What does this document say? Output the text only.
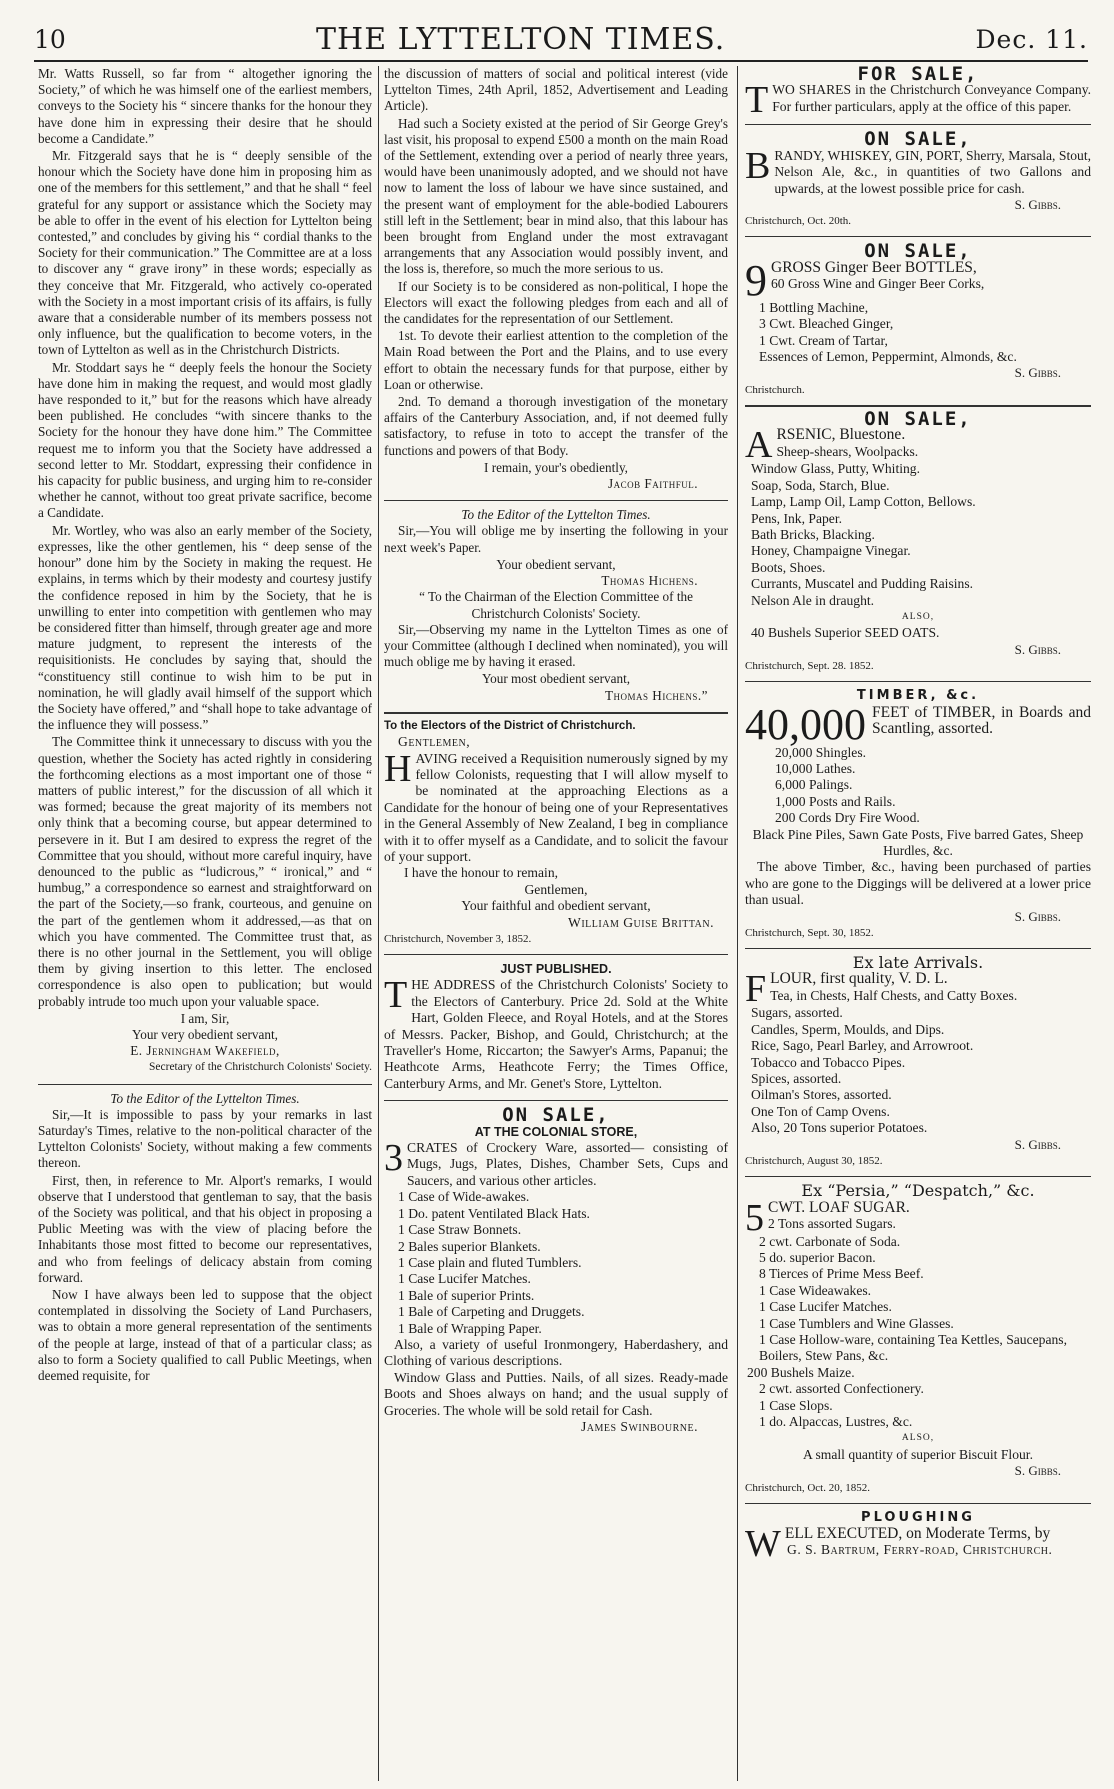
10	THE LYTTELTON TIMES.	Dec. 11.

Mr. Watts Russell, so far from “ altogether ignoring the Society,” of which he was himself one of the earliest members, conveys to the Society his “ sincere thanks for the honour they have done him in expressing their desire that he should become a Candidate.”

Mr. Fitzgerald says that he is “ deeply sensible of the honour which the Society have done him in proposing him as one of the members for this settlement,” and that he shall “ feel grateful for any support or assistance which the Society may be able to offer in the event of his election for Lyttelton being contested,” and concludes by giving his “ cordial thanks to the Society for their communication.” The Committee are at a loss to discover any “ grave irony” in these words; especially as they conceive that Mr. Fitzgerald, who actively co-operated with the Society in a most important crisis of its affairs, is fully aware that a considerable number of its members possess not only influence, but the qualification to become voters, in the town of Lyttelton as well as in the Christchurch Districts.

Mr. Stoddart says he “ deeply feels the honour the Society have done him in making the request, and would most gladly have responded to it,” but for the reasons which have already been published. He concludes “with sincere thanks to the Society for the honour they have done him.” The Committee request me to inform you that the Society have addressed a second letter to Mr. Stoddart, expressing their confidence in his capacity for public business, and urging him to re-consider whether he cannot, without too great private sacrifice, become a Candidate.

Mr. Wortley, who was also an early member of the Society, expresses, like the other gentlemen, his “ deep sense of the honour” done him by the Society in making the request. He explains, in terms which by their modesty and courtesy justify the confidence reposed in him by the Society, that he is unwilling to enter into competition with gentlemen who may be considered fitter than himself, through greater age and more mature judgment, to represent the interests of the requisitionists. He concludes by saying that, should the “constituency still continue to wish him to be put in nomination, he will gladly avail himself of the support which the Society have offered,” and “shall hope to take advantage of the influence they will possess.”

The Committee think it unnecessary to discuss with you the question, whether the Society has acted rightly in considering the forthcoming elections as a most important one of those “ matters of public interest,” for the discussion of all which it was formed; because the great majority of its members not only think that a becoming course, but appear determined to persevere in it. But I am desired to express the regret of the Committee that you should, without more careful inquiry, have denounced to the public as “ludicrous,” “ ironical,” and “ humbug,” a correspondence so earnest and straightforward on the part of the Society,—so frank, courteous, and genuine on the part of the gentlemen whom it addressed,—as that on which you have commented. The Committee trust that, as there is no other journal in the Settlement, you will oblige them by giving insertion to this letter. The enclosed correspondence is also open to publication; but would probably intrude too much upon your valuable space.

I am, Sir,
Your very obedient servant,
E. Jerningham Wakefield,
Secretary of the Christchurch Colonists' Society.
To the Editor of the Lyttelton Times.

Sir,—It is impossible to pass by your remarks in last Saturday's Times, relative to the non-political character of the Lyttelton Colonists' Society, without making a few comments thereon.

First, then, in reference to Mr. Alport's remarks, I would observe that I understood that gentleman to say, that the basis of the Society was political, and that his object in proposing a Public Meeting was with the view of placing before the Inhabitants those most fitted to become our representatives, and who from feelings of delicacy abstain from coming forward.

Now I have always been led to suppose that the object contemplated in dissolving the Society of Land Purchasers, was to obtain a more general representation of the sentiments of the people at large, instead of that of a particular class; as also to form a Society qualified to call Public Meetings, when deemed requisite, for

the discussion of matters of social and political interest (vide Lyttelton Times, 24th April, 1852, Advertisement and Leading Article).

Had such a Society existed at the period of Sir George Grey's last visit, his proposal to expend £500 a month on the main Road of the Settlement, extending over a period of nearly three years, would have been unanimously adopted, and we should not have now to lament the loss of labour we have since sustained, and the present want of employment for the able-bodied Labourers still left in the Settlement; bear in mind also, that this labour has been brought from England under the most extravagant arrangements that any Association would possibly invent, and the loss is, therefore, so much the more serious to us.

If our Society is to be considered as non-political, I hope the Electors will exact the following pledges from each and all of the candidates for the representation of our Settlement.

1st. To devote their earliest attention to the completion of the Main Road between the Port and the Plains, and to use every effort to obtain the necessary funds for that purpose, either by Loan or otherwise.

2nd. To demand a thorough investigation of the monetary affairs of the Canterbury Association, and, if not deemed fully satisfactory, to refuse in toto to accept the transfer of the functions and powers of that Body.

I remain, your's obediently,
Jacob Faithful.
To the Editor of the Lyttelton Times.

Sir,—You will oblige me by inserting the following in your next week's Paper.

Your obedient servant,
Thomas Hichens.
“ To the Chairman of the Election Committee of the Christchurch Colonists' Society.

Sir,—Observing my name in the Lyttelton Times as one of your Committee (although I declined when nominated), you will much oblige me by having it erased.

Your most obedient servant,
Thomas Hichens.”
To the Electors of the District of Christchurch.
Gentlemen,
H AVING received a Requisition numerously signed by my fellow Colonists, requesting that I will allow myself to be nominated at the approaching Elections as a Candidate for the honour of being one of your Representatives in the General Assembly of New Zealand, I beg in compliance with it to offer myself as a Candidate, and to solicit the favour of your support.
I have the honour to remain,
Gentlemen,
Your faithful and obedient servant,
William Guise Brittan.
Christchurch, November 3, 1852.
JUST PUBLISHED.
T HE ADDRESS of the Christchurch Colonists' Society to the Electors of Canterbury. Price 2d. Sold at the White Hart, Golden Fleece, and Royal Hotels, and at the Stores of Messrs. Packer, Bishop, and Gould, Christchurch; at the Traveller's Home, Riccarton; the Sawyer's Arms, Papanui; the Heathcote Arms, Heathcote Ferry; the Times Office, Canterbury Arms, and Mr. Genet's Store, Lyttelton.
ON SALE,
AT THE COLONIAL STORE,
3 CRATES of Crockery Ware, assorted— consisting of Mugs, Jugs, Plates, Dishes, Chamber Sets, Cups and Saucers, and various other articles.
1 Case of Wide-awakes.
1 Do. patent Ventilated Black Hats.
1 Case Straw Bonnets.
2 Bales superior Blankets.
1 Case plain and fluted Tumblers.
1 Case Lucifer Matches.
1 Bale of superior Prints.
1 Bale of Carpeting and Druggets.
1 Bale of Wrapping Paper.
Also, a variety of useful Ironmongery, Haberdashery, and Clothing of various descriptions.
Window Glass and Putties. Nails, of all sizes. Ready-made Boots and Shoes always on hand; and the usual supply of Groceries. The whole will be sold retail for Cash.
James Swinbourne.
FOR SALE,
T WO SHARES in the Christchurch Conveyance Company. For further particulars, apply at the office of this paper.
ON SALE,
B RANDY, WHISKEY, GIN, PORT, Sherry, Marsala, Stout, Nelson Ale, &c., in quantities of two Gallons and upwards, at the lowest possible price for cash.
S. Gibbs.
Christchurch, Oct. 20th.
ON SALE,
9 GROSS Ginger Beer BOTTLES,
60 Gross Wine and Ginger Beer Corks,
1 Bottling Machine,
3 Cwt. Bleached Ginger,
1 Cwt. Cream of Tartar,
Essences of Lemon, Peppermint, Almonds, &c.
S. Gibbs.
Christchurch.
ON SALE,
A RSENIC, Bluestone.
Sheep-shears, Woolpacks.
Window Glass, Putty, Whiting.
Soap, Soda, Starch, Blue.
Lamp, Lamp Oil, Lamp Cotton, Bellows.
Pens, Ink, Paper.
Bath Bricks, Blacking.
Honey, Champaigne Vinegar.
Boots, Shoes.
Currants, Muscatel and Pudding Raisins.
Nelson Ale in draught.
ALSO,
40 Bushels Superior SEED OATS.
S. Gibbs.
Christchurch, Sept. 28. 1852.
TIMBER, &c.
40,000 FEET of TIMBER, in Boards and Scantling, assorted.
20,000 Shingles.
10,000 Lathes.
6,000 Palings.
1,000 Posts and Rails.
200 Cords Dry Fire Wood.
Black Pine Piles, Sawn Gate Posts, Five barred Gates, Sheep Hurdles, &c.
The above Timber, &c., having been purchased of parties who are gone to the Diggings will be delivered at a lower price than usual.
S. Gibbs.
Christchurch, Sept. 30, 1852.
Ex late Arrivals.
F LOUR, first quality, V. D. L.
Tea, in Chests, Half Chests, and Catty Boxes.
Sugars, assorted.
Candles, Sperm, Moulds, and Dips.
Rice, Sago, Pearl Barley, and Arrowroot.
Tobacco and Tobacco Pipes.
Spices, assorted.
Oilman's Stores, assorted.
One Ton of Camp Ovens.
Also, 20 Tons superior Potatoes.
S. Gibbs.
Christchurch, August 30, 1852.
Ex “Persia,” “Despatch,” &c.
5 CWT. LOAF SUGAR.
2 Tons assorted Sugars.
2 cwt. Carbonate of Soda.
5 do. superior Bacon.
8 Tierces of Prime Mess Beef.
1 Case Wideawakes.
1 Case Lucifer Matches.
1 Case Tumblers and Wine Glasses.
1 Case Hollow-ware, containing Tea Kettles, Saucepans, Boilers, Stew Pans, &c.
200 Bushels Maize.
2 cwt. assorted Confectionery.
1 Case Slops.
1 do. Alpaccas, Lustres, &c.
ALSO,
A small quantity of superior Biscuit Flour.
S. Gibbs.
Christchurch, Oct. 20, 1852.
PLOUGHING
W ELL EXECUTED, on Moderate Terms, by
G. S. Bartrum, Ferry-road, Christchurch.
